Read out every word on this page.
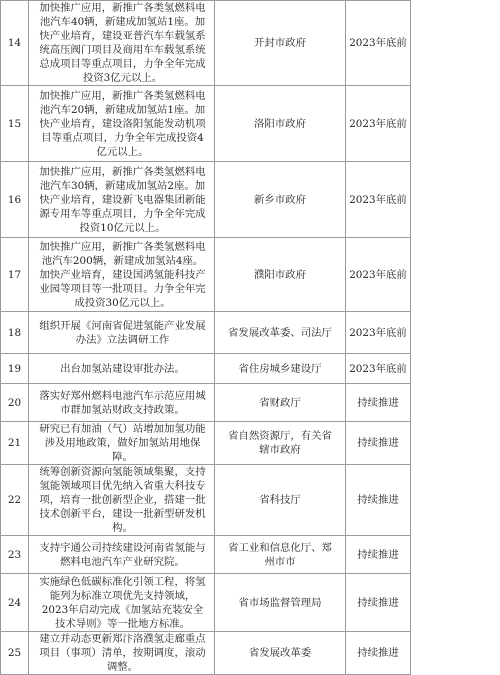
14	加快推广应用，新推广各类氢燃料电池汽车40辆，新建成加氢站1座。加快产业培育，建设亚普汽车车载氢系统高压阀门项目及商用车车载氢系统总成项目等重点项目，力争全年完成投资3亿元以上。	开封市政府	2023年底前	
15	加快推广应用，新推广各类氢燃料电池汽车20辆，新建成加氢站1座。加快产业培育，建设洛阳氢能发动机项目等重点项目，力争全年完成投资4亿元以上。	洛阳市政府	2023年底前	
16	加快推广应用，新推广各类氢燃料电池汽车30辆，新建成加氢站2座。加快产业培育，建设新飞电器集团新能源专用车等重点项目，力争全年完成投资10亿元以上。	新乡市政府	2023年底前	
17	加快推广应用，新推广各类氢燃料电池汽车200辆，新建成加氢站4座。加快产业培育，建设国鸿氢能科技产业园等项目等一批项目。力争全年完成投资30亿元以上。	濮阳市政府	2023年底前	
18	组织开展《河南省促进氢能产业发展办法》立法调研工作	省发展改革委、司法厅	2023年底前	
19	出台加氢站建设审批办法。	省住房城乡建设厅	2023年底前	
20	落实好郑州燃料电池汽车示范应用城市群加氢站财政支持政策。	省财政厅	持续推进	
21	研究已有加油（气）站增加加氢功能涉及用地政策，做好加氢站用地保障。	省自然资源厅，有关省辖市政府	持续推进	
22	统筹创新资源向氢能领域集聚，支持氢能领域项目优先纳入省重大科技专项，培育一批创新型企业，搭建一批技术创新平台，建设一批新型研发机构。	省科技厅	持续推进	
23	支持宇通公司持续建设河南省氢能与燃料电池汽车产业研究院。	省工业和信息化厅、郑州市市	持续推进	
24	实施绿色低碳标准化引领工程，将氢能列为标准立项优先支持领域，2023年启动完成《加氢站充装安全技术导则》等一批地方标准。	省市场监督管理局	持续推进	
25	建立并动态更新郑汴洛濮氢走廊重点项目（事项）清单，按期调度，滚动调整。	省发展改革委	持续推进	
